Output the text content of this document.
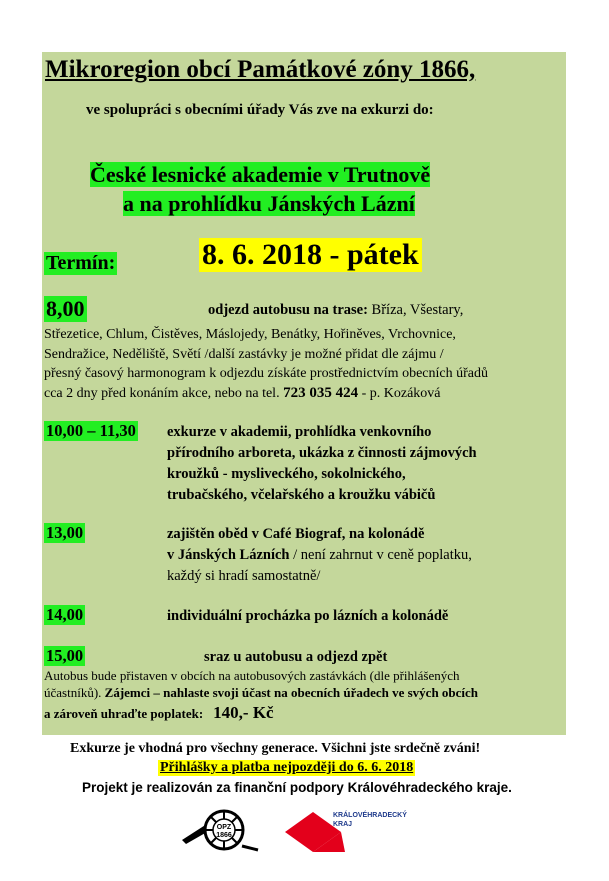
Mikroregion obcí Památkové zóny 1866,
ve spolupráci s obecními úřady Vás zve na exkurzi do:
České lesnické akademie v Trutnově
a na prohlídku Jánských Lázní
Termín:	8. 6. 2018 - pátek
8,00	odjezd autobusu na trase: Bříza, Všestary,
Střezetice, Chlum, Čistěves, Máslojedy, Benátky, Hořiněves, Vrchovnice,
Sendražice, Neděliště, Světí /další zastávky je možné přidat dle zájmu /
přesný časový harmonogram k odjezdu získáte prostřednictvím obecních úřadů
cca 2 dny před konáním akce, nebo na tel. 723 035 424 - p. Kozáková
10,00 – 11,30 exkurze v akademii, prohlídka venkovního
přírodního arboreta, ukázka z činnosti zájmových
kroužků - mysliveckého, sokolnického,
trubačského, včelařského a kroužku vábičů
13,00	zajištěn oběd v Café Biograf, na kolonádě
v Jánských Lázních / není zahrnut v ceně poplatku,
každý si hradí samostatně/
14,00	individuální procházka po lázních a kolonádě
15,00	sraz u autobusu a odjezd zpět
Autobus bude přistaven v obcích na autobusových zastávkách (dle přihlášených
účastníků). Zájemci – nahlaste svoji účast na obecních úřadech ve svých obcích
a zároveň uhraďte poplatek: 140,- Kč
Exkurze je vhodná pro všechny generace. Všichni jste srdečně zváni!
Přihlášky a platba nejpozději do 6. 6. 2018
Projekt je realizován za finanční podpory Královéhradeckého kraje.
OPZ
1866
KRÁLOVÉHRADECKÝ
KRAJ
